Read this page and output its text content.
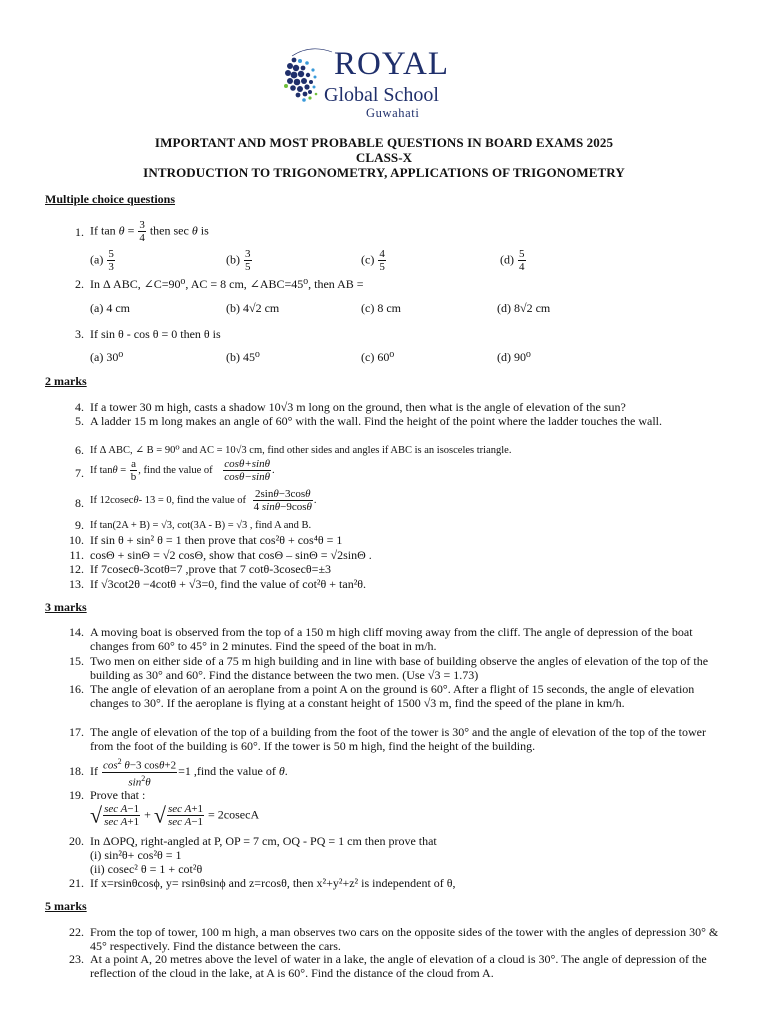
ROYAL
Global School
Guwahati
IMPORTANT AND MOST PROBABLE QUESTIONS IN BOARD EXAMS 2025
CLASS-X
INTRODUCTION TO TRIGONOMETRY, APPLICATIONS OF TRIGONOMETRY
Multiple choice questions
1. If $\tan \theta = \frac{3}{4}$ then sec θ is
$(a) \frac{5}{3}$	$(b) \frac{3}{5}$	$(c) \frac{4}{5}$	$(d) \frac{5}{4}$
2. In Δ ABC, ∠C=90⁰, AC = 8 cm, ∠ABC=45⁰, then AB =
(a) 4 cm	(b) 4√2 cm	(c) 8 cm	(d) 8√2 cm
3. If sin θ - cos θ = 0 then θ is
(a) 30⁰	(b) 45⁰	(c) 60⁰	(d) 90⁰
2 marks
4. If a tower 30 m high, casts a shadow 10√3 m long on the ground, then what is the angle of elevation of the sun?
5. A ladder 15 m long makes an angle of 60° with the wall. Find the height of the point where the ladder touches the wall.
6. If Δ ABC, ∠ B = 90⁰ and AC = 10√3 cm, find other sides and angles if ABC is an isosceles triangle.
7. If $\tan\theta = \frac{a}{b}$ , find the value of $\frac{\cos\theta+\sin\theta}{\cos\theta-\sin\theta}$ .
8. If 12cosecθ- 13 = 0, find the value of $\frac{2\sin\theta-3\cos\theta}{4 \sin\theta-9\cos\theta}$ .
9. If tan(2A + B) = √3, cot(3A - B) = √3 , find A and B.
10. If sin θ + sin² θ = 1 then prove that cos²θ + cos⁴θ = 1
11. cosΘ + sinΘ = √2 cosΘ, show that cosΘ – sinΘ = √2sinΘ .
12. If 7cosecθ-3cotθ=7 ,prove that 7 cotθ-3cosecθ=±3
13. If √3cot2θ −4cotθ + √3=0, find the value of cot²θ + tan²θ.
3 marks
14. A moving boat is observed from the top of a 150 m high cliff moving away from the cliff. The angle of depression of the boat changes from 60° to 45° in 2 minutes. Find the speed of the boat in m/h.
15. Two men on either side of a 75 m high building and in line with base of building observe the angles of elevation of the top of the building as 30° and 60°. Find the distance between the two men. (Use √3 = 1.73)
16. The angle of elevation of an aeroplane from a point A on the ground is 60°. After a flight of 15 seconds, the angle of elevation changes to 30°. If the aeroplane is flying at a constant height of 1500 √3 m, find the speed of the plane in km/h.
17. The angle of elevation of the top of a building from the foot of the tower is 30° and the angle of elevation of the top of the tower from the foot of the building is 60°. If the tower is 50 m high, find the height of the building.
18. If $\frac{\cos^2 \theta-3 \cos\theta+2}{\sin^2\theta} =1$ ,find the value of θ.
19. Prove that :
√ $\frac{\text{sec A−1}}{\text{sec A+1}}$ + √ $\frac{\text{sec A+1}}{\text{sec A−1}} = 2cosecA$
20. In ΔOPQ, right-angled at P, OP = 7 cm, OQ - PQ = 1 cm then prove that
(i) sin²θ+ cos²θ = 1
(ii) cosec² θ = 1 + cot²θ
21. If x=rsinθcosϕ, y= rsinθsinϕ and z=rcosθ, then x²+y²+z² is independent of θ,
5 marks
22. From the top of tower, 100 m high, a man observes two cars on the opposite sides of the tower with the angles of depression 30° & 45° respectively. Find the distance between the cars.
23. At a point A, 20 metres above the level of water in a lake, the angle of elevation of a cloud is 30°. The angle of depression of the reflection of the cloud in the lake, at A is 60°. Find the distance of the cloud from A.
